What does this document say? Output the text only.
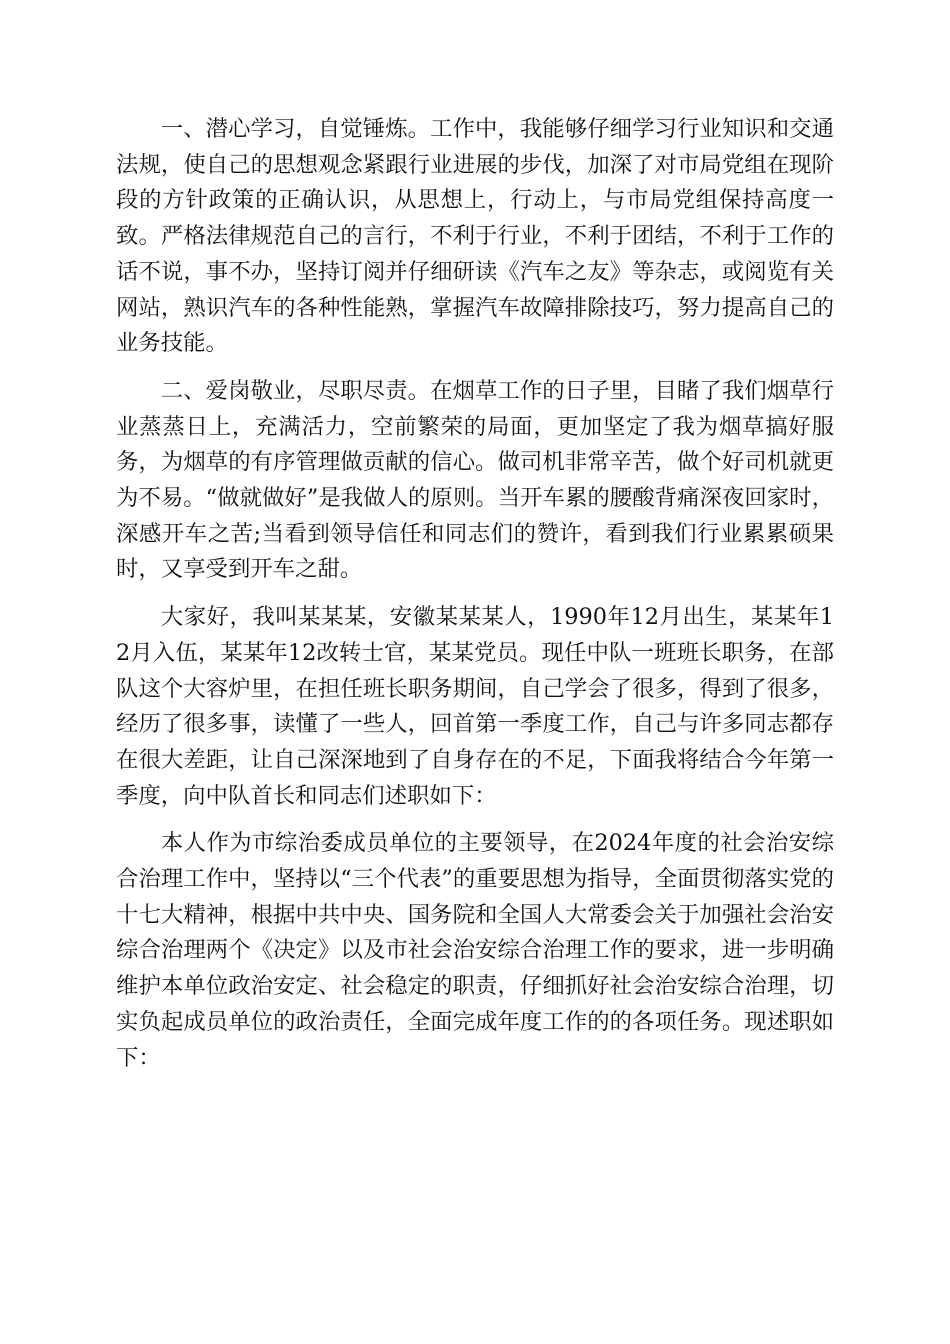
一、潜心学习，自觉锤炼。工作中，我能够仔细学习行业知识和交通法规，使自己的思想观念紧跟行业进展的步伐，加深了对市局党组在现阶段的方针政策的正确认识，从思想上，行动上，与市局党组保持高度一致。严格法律规范自己的言行，不利于行业，不利于团结，不利于工作的话不说，事不办，坚持订阅并仔细研读《汽车之友》等杂志，或阅览有关网站，熟识汽车的各种性能熟，掌握汽车故障排除技巧，努力提高自己的业务技能。

二、爱岗敬业，尽职尽责。在烟草工作的日子里，目睹了我们烟草行业蒸蒸日上，充满活力，空前繁荣的局面，更加坚定了我为烟草搞好服务，为烟草的有序管理做贡献的信心。做司机非常辛苦，做个好司机就更为不易。“做就做好”是我做人的原则。当开车累的腰酸背痛深夜回家时，深感开车之苦;当看到领导信任和同志们的赞许，看到我们行业累累硕果时，又享受到开车之甜。

大家好，我叫某某某，安徽某某某人，1990年12月出生，某某年12月入伍，某某年12改转士官，某某党员。现任中队一班班长职务，在部队这个大容炉里，在担任班长职务期间，自己学会了很多，得到了很多，经历了很多事，读懂了一些人，回首第一季度工作，自己与许多同志都存在很大差距，让自己深深地到了自身存在的不足，下面我将结合今年第一季度，向中队首长和同志们述职如下：

本人作为市综治委成员单位的主要领导，在2024年度的社会治安综合治理工作中，坚持以“三个代表”的重要思想为指导，全面贯彻落实党的十七大精神，根据中共中央、国务院和全国人大常委会关于加强社会治安综合治理两个《决定》以及市社会治安综合治理工作的要求，进一步明确维护本单位政治安定、社会稳定的职责，仔细抓好社会治安综合治理，切实负起成员单位的政治责任，全面完成年度工作的的各项任务。现述职如下：
